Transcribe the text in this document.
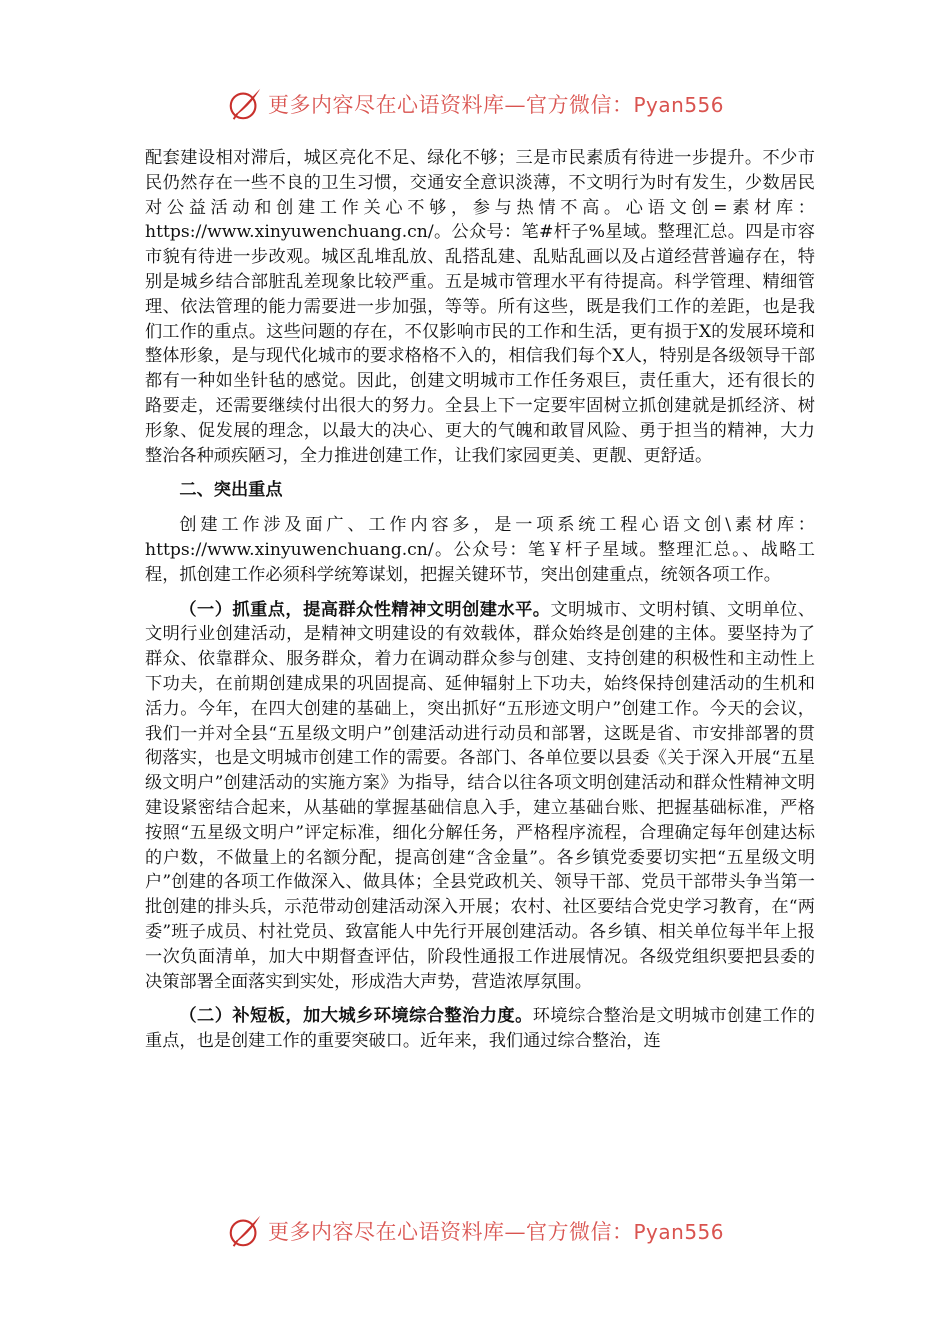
更多内容尽在心语资料库—官方微信：Pyan556

配套建设相对滞后，城区亮化不足、绿化不够；三是市民素质有待进一步提升。不少市民仍然存在一些不良的卫生习惯，交通安全意识淡薄，不文明行为时有发生，少数居民对公益活动和创建工作关心不够，参与热情不高。心语文创=素材库：https://www.xinyuwenchuang.cn/。公众号：笔#杆子%星域。整理汇总。四是市容市貌有待进一步改观。城区乱堆乱放、乱搭乱建、乱贴乱画以及占道经营普遍存在，特别是城乡结合部脏乱差现象比较严重。五是城市管理水平有待提高。科学管理、精细管理、依法管理的能力需要进一步加强，等等。所有这些，既是我们工作的差距，也是我们工作的重点。这些问题的存在，不仅影响市民的工作和生活，更有损于X的发展环境和整体形象，是与现代化城市的要求格格不入的，相信我们每个X人，特别是各级领导干部都有一种如坐针毡的感觉。因此，创建文明城市工作任务艰巨，责任重大，还有很长的路要走，还需要继续付出很大的努力。全县上下一定要牢固树立抓创建就是抓经济、树形象、促发展的理念，以最大的决心、更大的气魄和敢冒风险、勇于担当的精神，大力整治各种顽疾陋习，全力推进创建工作，让我们家园更美、更靓、更舒适。

二、突出重点

创建工作涉及面广、工作内容多，是一项系统工程心语文创\素材库：https://www.xinyuwenchuang.cn/。公众号：笔￥杆子星域。整理汇总。、战略工程，抓创建工作必须科学统筹谋划，把握关键环节，突出创建重点，统领各项工作。

（一）抓重点，提高群众性精神文明创建水平。文明城市、文明村镇、文明单位、文明行业创建活动，是精神文明建设的有效载体，群众始终是创建的主体。要坚持为了群众、依靠群众、服务群众，着力在调动群众参与创建、支持创建的积极性和主动性上下功夫，在前期创建成果的巩固提高、延伸辐射上下功夫，始终保持创建活动的生机和活力。今年，在四大创建的基础上，突出抓好“五形迹文明户”创建工作。今天的会议，我们一并对全县“五星级文明户”创建活动进行动员和部署，这既是省、市安排部署的贯彻落实，也是文明城市创建工作的需要。各部门、各单位要以县委《关于深入开展“五星级文明户”创建活动的实施方案》为指导，结合以往各项文明创建活动和群众性精神文明建设紧密结合起来，从基础的掌握基础信息入手，建立基础台账、把握基础标准，严格按照“五星级文明户”评定标准，细化分解任务，严格程序流程，合理确定每年创建达标的户数，不做量上的名额分配，提高创建“含金量”。各乡镇党委要切实把“五星级文明户”创建的各项工作做深入、做具体；全县党政机关、领导干部、党员干部带头争当第一批创建的排头兵，示范带动创建活动深入开展；农村、社区要结合党史学习教育，在“两委”班子成员、村社党员、致富能人中先行开展创建活动。各乡镇、相关单位每半年上报一次负面清单，加大中期督查评估，阶段性通报工作进展情况。各级党组织要把县委的决策部署全面落实到实处，形成浩大声势，营造浓厚氛围。

（二）补短板，加大城乡环境综合整治力度。环境综合整治是文明城市创建工作的重点，也是创建工作的重要突破口。近年来，我们通过综合整治，连

更多内容尽在心语资料库—官方微信：Pyan556
